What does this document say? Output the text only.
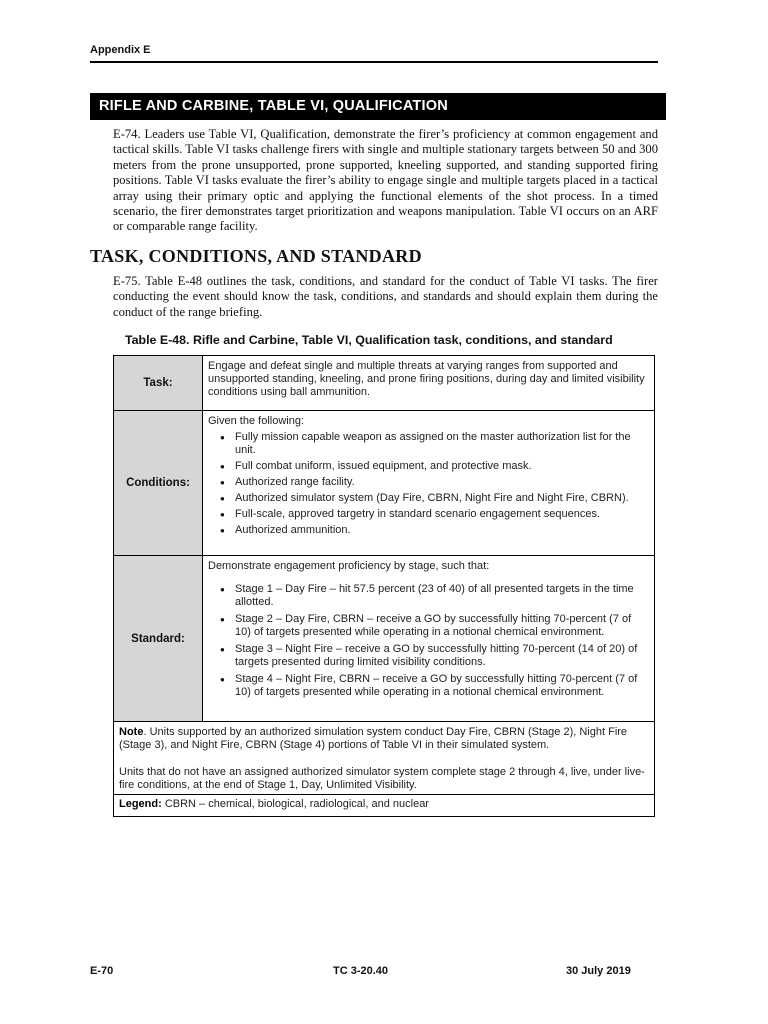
Appendix E
RIFLE AND CARBINE, TABLE VI, QUALIFICATION
E-74. Leaders use Table VI, Qualification, demonstrate the firer’s proficiency at common engagement and tactical skills. Table VI tasks challenge firers with single and multiple stationary targets between 50 and 300 meters from the prone unsupported, prone supported, kneeling supported, and standing supported firing positions. Table VI tasks evaluate the firer’s ability to engage single and multiple targets placed in a tactical array using their primary optic and applying the functional elements of the shot process. In a timed scenario, the firer demonstrates target prioritization and weapons manipulation. Table VI occurs on an ARF or comparable range facility.
TASK, CONDITIONS, AND STANDARD
E-75. Table E-48 outlines the task, conditions, and standard for the conduct of Table VI tasks. The firer conducting the event should know the task, conditions, and standards and should explain them during the conduct of the range briefing.
Table E-48. Rifle and Carbine, Table VI, Qualification task, conditions, and standard
Task:
Engage and defeat single and multiple threats at varying ranges from supported and unsupported standing, kneeling, and prone firing positions, during day and limited visibility conditions using ball ammunition.
Conditions:
Given the following:
● Fully mission capable weapon as assigned on the master authorization list for the unit.
● Full combat uniform, issued equipment, and protective mask.
● Authorized range facility.
● Authorized simulator system (Day Fire, CBRN, Night Fire and Night Fire, CBRN).
● Full-scale, approved targetry in standard scenario engagement sequences.
● Authorized ammunition.
Standard:
Demonstrate engagement proficiency by stage, such that:
● Stage 1 – Day Fire – hit 57.5 percent (23 of 40) of all presented targets in the time allotted.
● Stage 2 – Day Fire, CBRN – receive a GO by successfully hitting 70-percent (7 of 10) of targets presented while operating in a notional chemical environment.
● Stage 3 – Night Fire – receive a GO by successfully hitting 70-percent (14 of 20) of targets presented during limited visibility conditions.
● Stage 4 – Night Fire, CBRN – receive a GO by successfully hitting 70-percent (7 of 10) of targets presented while operating in a notional chemical environment.
Note. Units supported by an authorized simulation system conduct Day Fire, CBRN (Stage 2), Night Fire (Stage 3), and Night Fire, CBRN (Stage 4) portions of Table VI in their simulated system.
Units that do not have an assigned authorized simulator system complete stage 2 through 4, live, under live-fire conditions, at the end of Stage 1, Day, Unlimited Visibility.
Legend: CBRN – chemical, biological, radiological, and nuclear
E-70	TC 3-20.40	30 July 2019
